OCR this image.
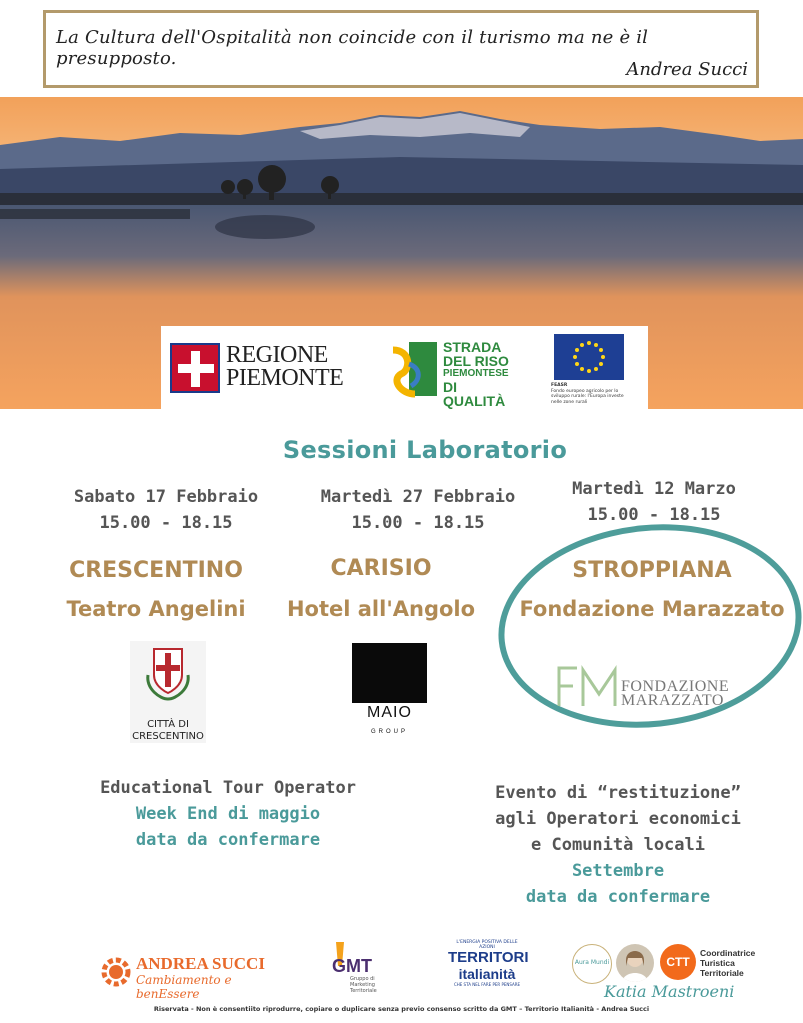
La Cultura dell'Ospitalità non coincide con il turismo ma ne è il presupposto.
Andrea Succi
REGIONE
PIEMONTE
STRADA
DEL RISO
PIEMONTESE
DI QUALITÀ
FEASR
Fondo europeo agricolo per lo sviluppo rurale: l'Europa investe nelle zone rurali
Sessioni Laboratorio
Sabato 17 Febbraio
15.00 - 18.15
CRESCENTINO
Teatro Angelini
CITTÀ DI
CRESCENTINO
Martedì 27 Febbraio
15.00 - 18.15
CARISIO
Hotel all'Angolo
MAIO
GROUP
Martedì 12 Marzo
15.00 - 18.15
STROPPIANA
Fondazione Marazzato
FONDAZIONE
MARAZZATO
Educational Tour Operator
Week End di maggio
data da confermare
Evento di “restituzione”
agli Operatori economici
e Comunità locali
Settembre
data da confermare
ANDREA SUCCI
Cambiamento e benEssere
GMT
Gruppo di
Marketing
Territoriale
L'ENERGIA POSITIVA DELLE AZIONI
TERRITORI
italianità
CHE STA NEL FARE PER PENSARE
Aura Mundi	CTT
Coordinatrice
Turistica
Territoriale
Katia Mastroeni
Riservata - Non è consentiito riprodurre, copiare o duplicare senza previo consenso scritto da GMT – Territorio Italianità - Andrea Succi
